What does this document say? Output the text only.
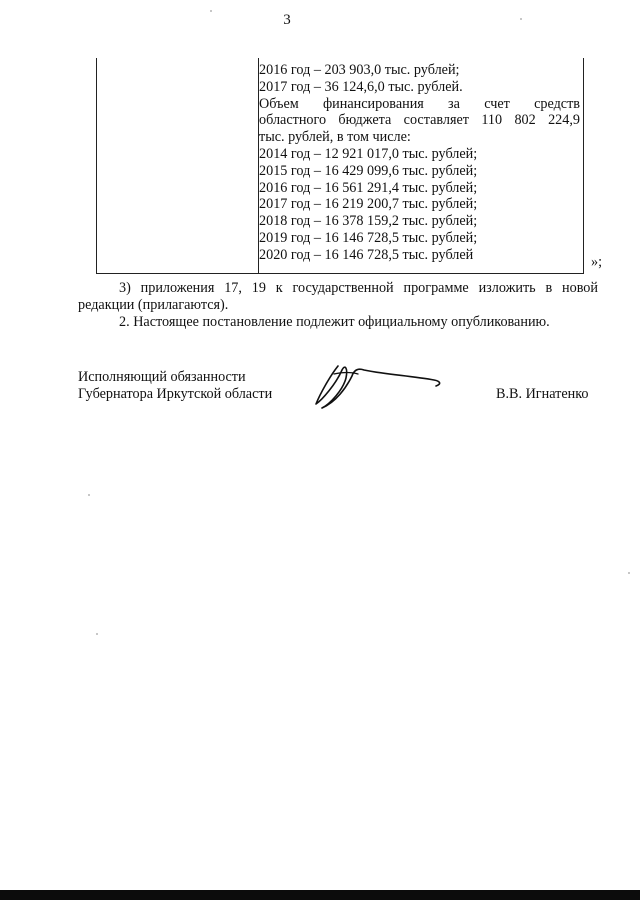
3
2016 год – 203 903,0 тыс. рублей;
2017 год – 36 124,6,0 тыс. рублей.
Объем финансирования за счет средств
областного бюджета составляет 110 802 224,9
тыс. рублей, в том числе:
2014 год – 12 921 017,0 тыс. рублей;
2015 год – 16 429 099,6 тыс. рублей;
2016 год – 16 561 291,4 тыс. рублей;
2017 год – 16 219 200,7 тыс. рублей;
2018 год – 16 378 159,2 тыс. рублей;
2019 год – 16 146 728,5 тыс. рублей;
2020 год – 16 146 728,5 тыс. рублей	»;
3) приложения 17, 19 к государственной программе изложить в новой редакции (прилагаются).
2. Настоящее постановление подлежит официальному опубликованию.
Исполняющий обязанности
Губернатора Иркутской области	В.В. Игнатенко
